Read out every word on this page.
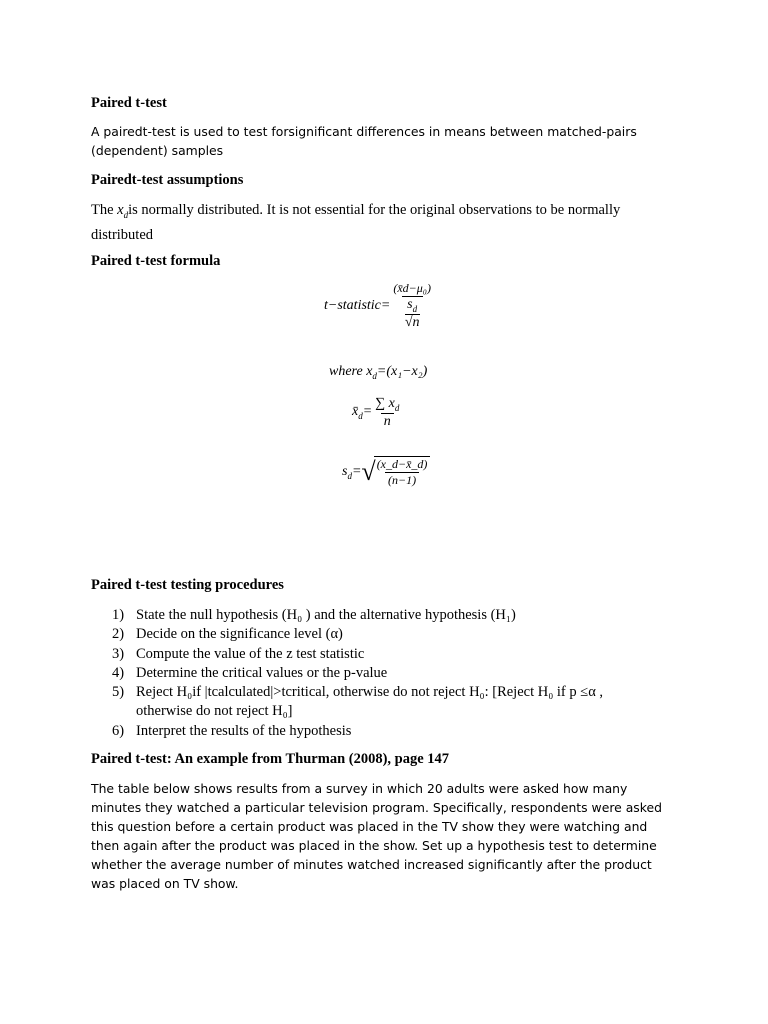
Paired t-test
A pairedt-test is used to test forsignificant differences in means between matched-pairs (dependent) samples
Pairedt-test assumptions
The $x_dis$ normally distributed. It is not essential for the original observations to be normally distributed
Paired t-test formula
t−statistic= (x̄d−μ₀)
$s_d$
√n
where $x_d=(x_1-x_2)$
$x̄_d= \frac{\sum x_d}{n}$
$s_d=√$
$\frac{(x\_d-x̄\_d)}{(n-1)}$
Paired t-test testing procedures
1) State the null hypothesis (H₀ ) and the alternative hypothesis (H₁)
2) Decide on the significance level (α)
3) Compute the value of the z test statistic
4) Determine the critical values or the p-value
5) Reject H₀if |tcalculated|>tcritical, otherwise do not reject H₀: [Reject H₀ if p ≤α , otherwise do not reject H₀]
6) Interpret the results of the hypothesis
Paired t-test: An example from Thurman (2008), page 147
The table below shows results from a survey in which 20 adults were asked how many minutes they watched a particular television program. Specifically, respondents were asked this question before a certain product was placed in the TV show they were watching and then again after the product was placed in the show. Set up a hypothesis test to determine whether the average number of minutes watched increased significantly after the product was placed on TV show.
